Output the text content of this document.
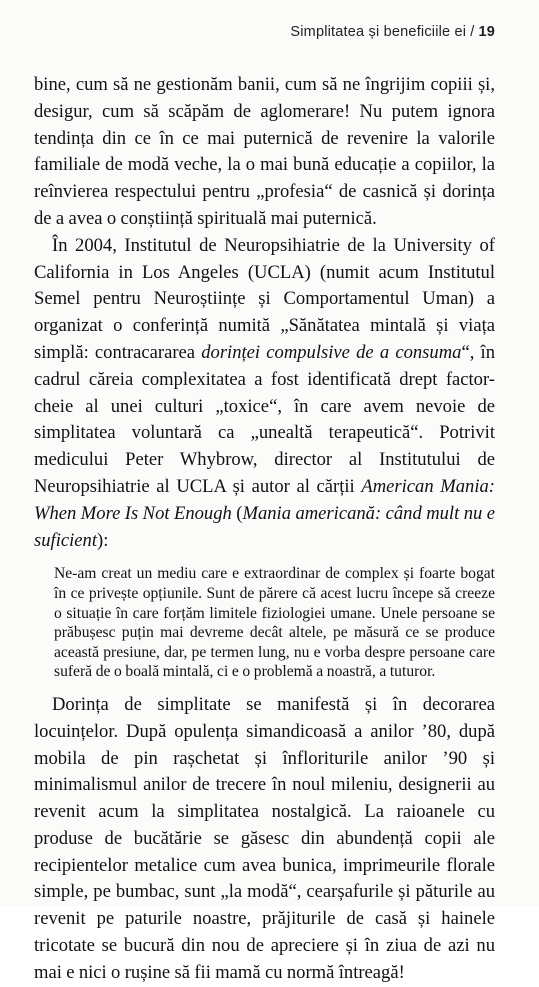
Simplitatea și beneficiile ei / 19

bine, cum să ne gestionăm banii, cum să ne îngrijim copiii și, desigur, cum să scăpăm de aglomerare! Nu putem ignora tendința din ce în ce mai puternică de revenire la valorile familiale de modă veche, la o mai bună educație a copiilor, la reînvierea respectului pentru „profesia“ de casnică și dorința de a avea o conștiință spirituală mai puternică.

În 2004, Institutul de Neuropsihiatrie de la University of California in Los Angeles (UCLA) (numit acum Institutul Semel pentru Neuroștiințe și Comportamentul Uman) a organizat o conferință numită „Sănătatea mintală și viața simplă: contracararea dorinței compulsive de a consuma“, în cadrul căreia complexitatea a fost identificată drept factor-cheie al unei culturi „toxice“, în care avem nevoie de simplitatea voluntară ca „unealtă terapeutică“. Potrivit medicului Peter Whybrow, director al Institutului de Neuropsihiatrie al UCLA și autor al cărții American Mania: When More Is Not Enough (Mania americană: când mult nu e suficient):

Ne-am creat un mediu care e extraordinar de complex și foarte bogat în ce privește opțiunile. Sunt de părere că acest lucru începe să creeze o situație în care forțăm limitele fiziologiei umane. Unele persoane se prăbușesc puțin mai devreme decât altele, pe măsură ce se produce această presiune, dar, pe termen lung, nu e vorba despre persoane care suferă de o boală mintală, ci e o problemă a noastră, a tuturor.

Dorința de simplitate se manifestă și în decorarea locuințelor. După opulența simandicoasă a anilor ’80, după mobila de pin rașchetat și înfloriturile anilor ’90 și minimalismul anilor de trecere în noul mileniu, designerii au revenit acum la simplitatea nostalgică. La raioanele cu produse de bucătărie se găsesc din abundență copii ale recipientelor metalice cum avea bunica, imprimeurile florale simple, pe bumbac, sunt „la modă“, cearșafurile și păturile au revenit pe paturile noastre, prăjiturile de casă și hainele tricotate se bucură din nou de apreciere și în ziua de azi nu mai e nici o rușine să fii mamă cu normă întreagă!
